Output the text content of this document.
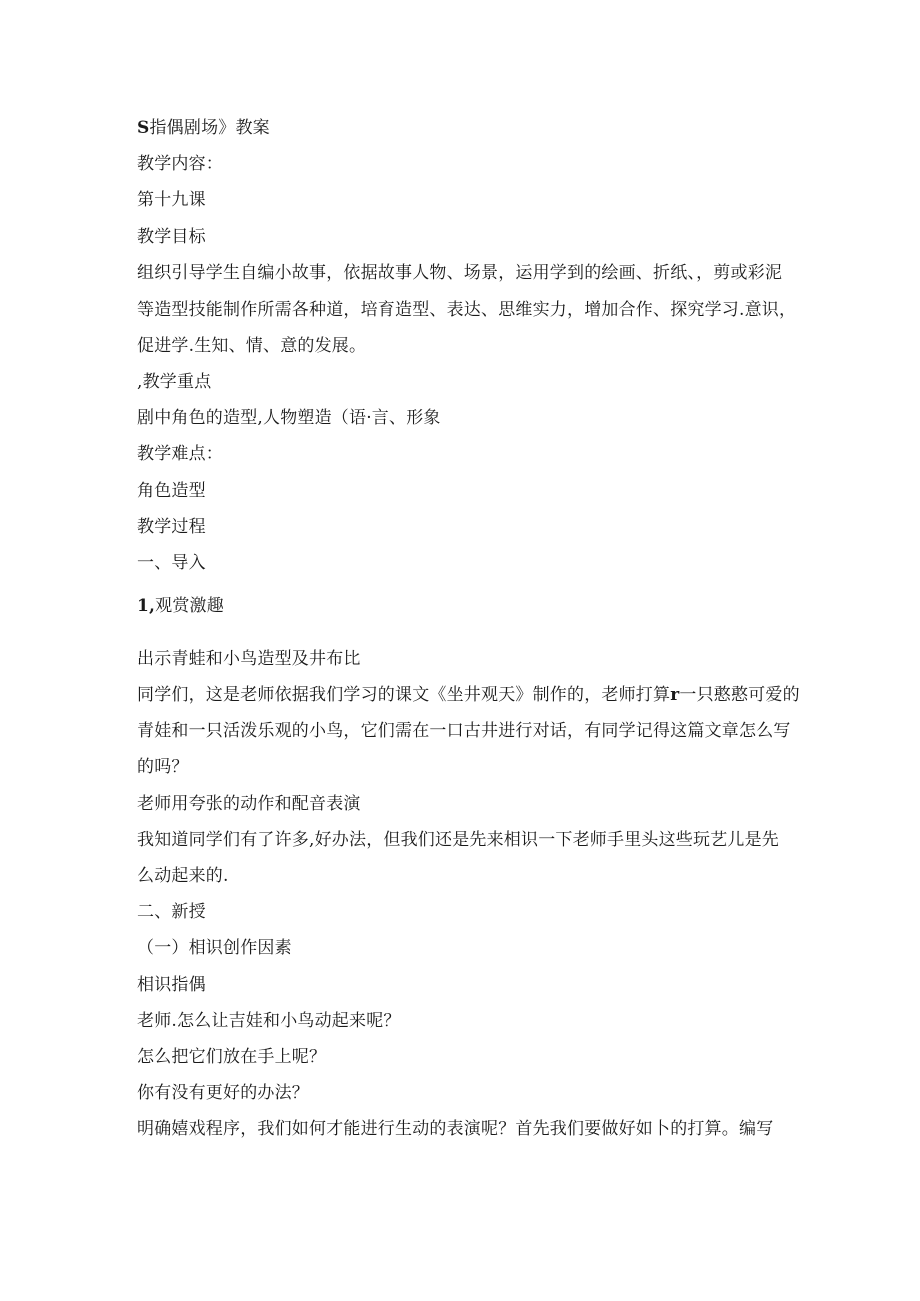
S指偶剧场》教案
教学内容：
第十九课
教学目标
组织引导学生自编小故事，依据故事人物、场景，运用学到的绘画、折纸、，剪或彩泥
等造型技能制作所需各种道，培育造型、表达、思维实力，增加合作、探究学习.意识，
促进学.生知、情、意的发展。
,教学重点
剧中角色的造型,人物塑造（语·言、形象
教学难点：
角色造型
教学过程
一、导入
1,观赏激趣
出示青蛙和小鸟造型及井布比
同学们，这是老师依据我们学习的课文《坐井观天》制作的，老师打算r一只憨憨可爱的
青娃和一只活泼乐观的小鸟，它们需在一口古井进行对话，有同学记得这篇文章怎么写
的吗？
老师用夸张的动作和配音表演
我知道同学们有了许多,好办法，但我们还是先来相识一下老师手里头这些玩艺儿是先
么动起来的.
二、新授
（一）相识创作因素
相识指偶
老师.怎么让吉娃和小鸟动起来呢？
怎么把它们放在手上呢？
你有没有更好的办法？
明确嬉戏程序，我们如何才能进行生动的表演呢？首先我们要做好如卜的打算。编写
